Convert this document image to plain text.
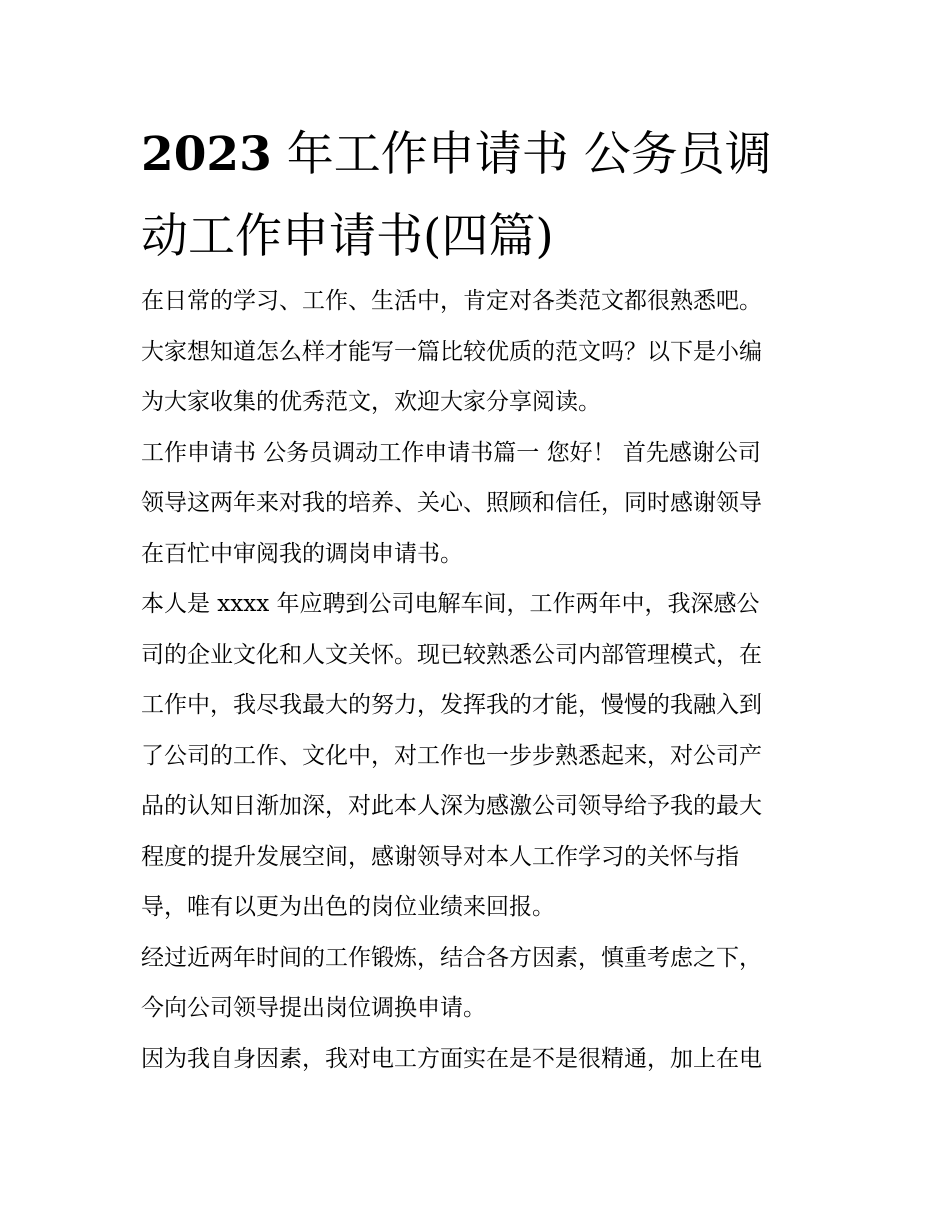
2023 年工作申请书 公务员调
动工作申请书(四篇)

在日常的学习、工作、生活中，肯定对各类范文都很熟悉吧。
大家想知道怎么样才能写一篇比较优质的范文吗？以下是小编
为大家收集的优秀范文，欢迎大家分享阅读。

工作申请书 公务员调动工作申请书篇一 您好！ 首先感谢公司
领导这两年来对我的培养、关心、照顾和信任，同时感谢领导
在百忙中审阅我的调岗申请书。

本人是 xxxx 年应聘到公司电解车间，工作两年中，我深感公
司的企业文化和人文关怀。现已较熟悉公司内部管理模式，在
工作中，我尽我最大的努力，发挥我的才能，慢慢的我融入到
了公司的工作、文化中，对工作也一步步熟悉起来，对公司产
品的认知日渐加深，对此本人深为感激公司领导给予我的最大
程度的提升发展空间，感谢领导对本人工作学习的关怀与指
导，唯有以更为出色的岗位业绩来回报。

经过近两年时间的工作锻炼，结合各方因素，慎重考虑之下，
今向公司领导提出岗位调换申请。

因为我自身因素，我对电工方面实在是不是很精通，加上在电
